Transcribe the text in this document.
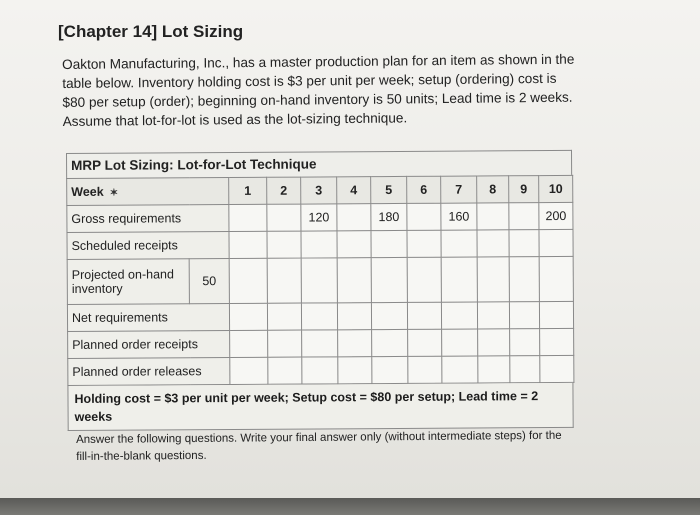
[Chapter 14] Lot Sizing
Oakton Manufacturing, Inc., has a master production plan for an item as shown in the table below. Inventory holding cost is $3 per unit per week; setup (ordering) cost is $80 per setup (order); beginning on-hand inventory is 50 units; Lead time is 2 weeks. Assume that lot-for-lot is used as the lot-sizing technique.
MRP Lot Sizing: Lot-for-Lot Technique
Week ✶		1	2	3	4	5	6	7	8	9	10
Gross requirements				120		180		160			200
Scheduled receipts											
Projected on-hand inventory	50										
Net requirements											
Planned order receipts											
Planned order releases											
Holding cost = $3 per unit per week; Setup cost = $80 per setup; Lead time = 2 weeks
Answer the following questions. Write your final answer only (without intermediate steps) for the fill-in-the-blank questions.
